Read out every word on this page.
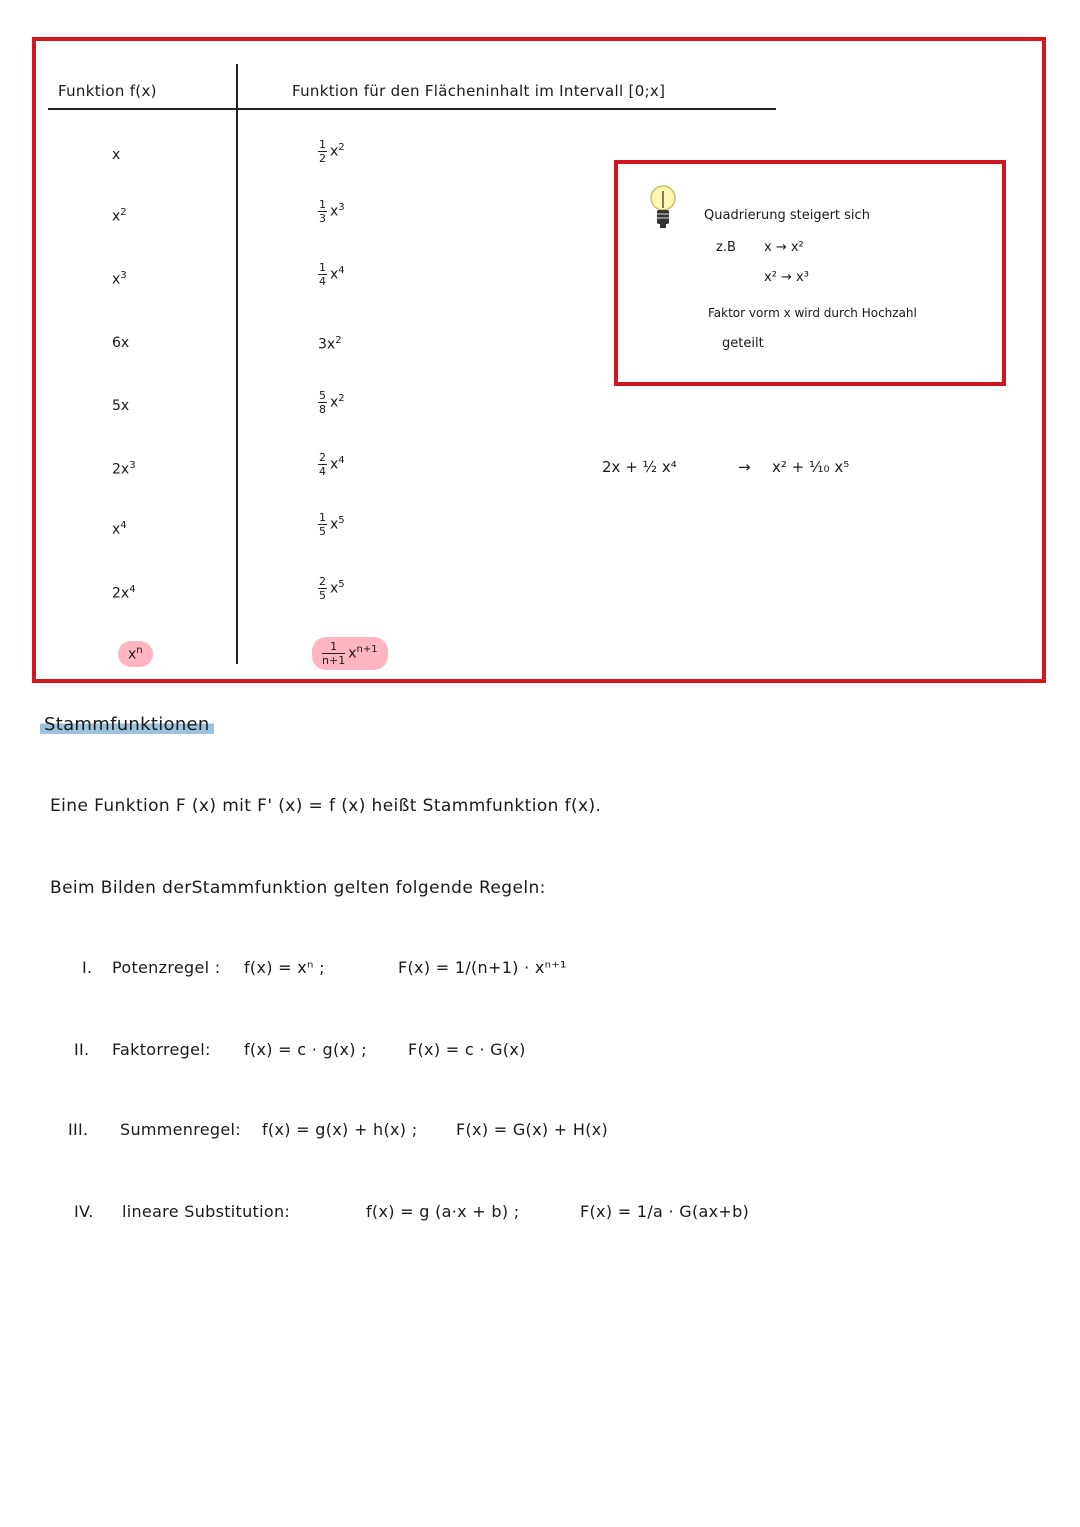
Funktion f(x)	Funktion für den Flächeninhalt im Intervall [0;x]
x	$\frac{1}{2} x^2$
$x^2$	$\frac{1}{3} x^3$
$x^3$	$\frac{1}{4} x^4$
6x	$3x^2$
5x	$\frac{5}{8} x^2$
$2x^3$	$\frac{2}{4} x^4$
$x^4$	$\frac{1}{5} x^5$
$2x^4$	$\frac{2}{5} x^5$
$x^n$	$\frac{1}{n+1} x^{n+1}$
Quadrierung steigert sich
z.B x → x²
x² → x³
Faktor vorm x wird durch Hochzahl
geteilt
2x + ½ x⁴	→ x² + ⅒ x⁵
Stammfunktionen
Eine Funktion F (x) mit F' (x) = f (x) heißt Stammfunktion f(x).
Beim Bilden derStammfunktion gelten folgende Regeln:
I. Potenzregel : f(x) = xⁿ ;	F(x) = 1/(n+1) · xⁿ⁺¹
II. Faktorregel: f(x) = c · g(x) ;	F(x) = c · G(x)
III. Summenregel: f(x) = g(x) + h(x) ; F(x) = G(x) + H(x)
IV. lineare Substitution:	f(x) = g (a·x + b) ;	F(x) = 1/a · G(ax+b)
